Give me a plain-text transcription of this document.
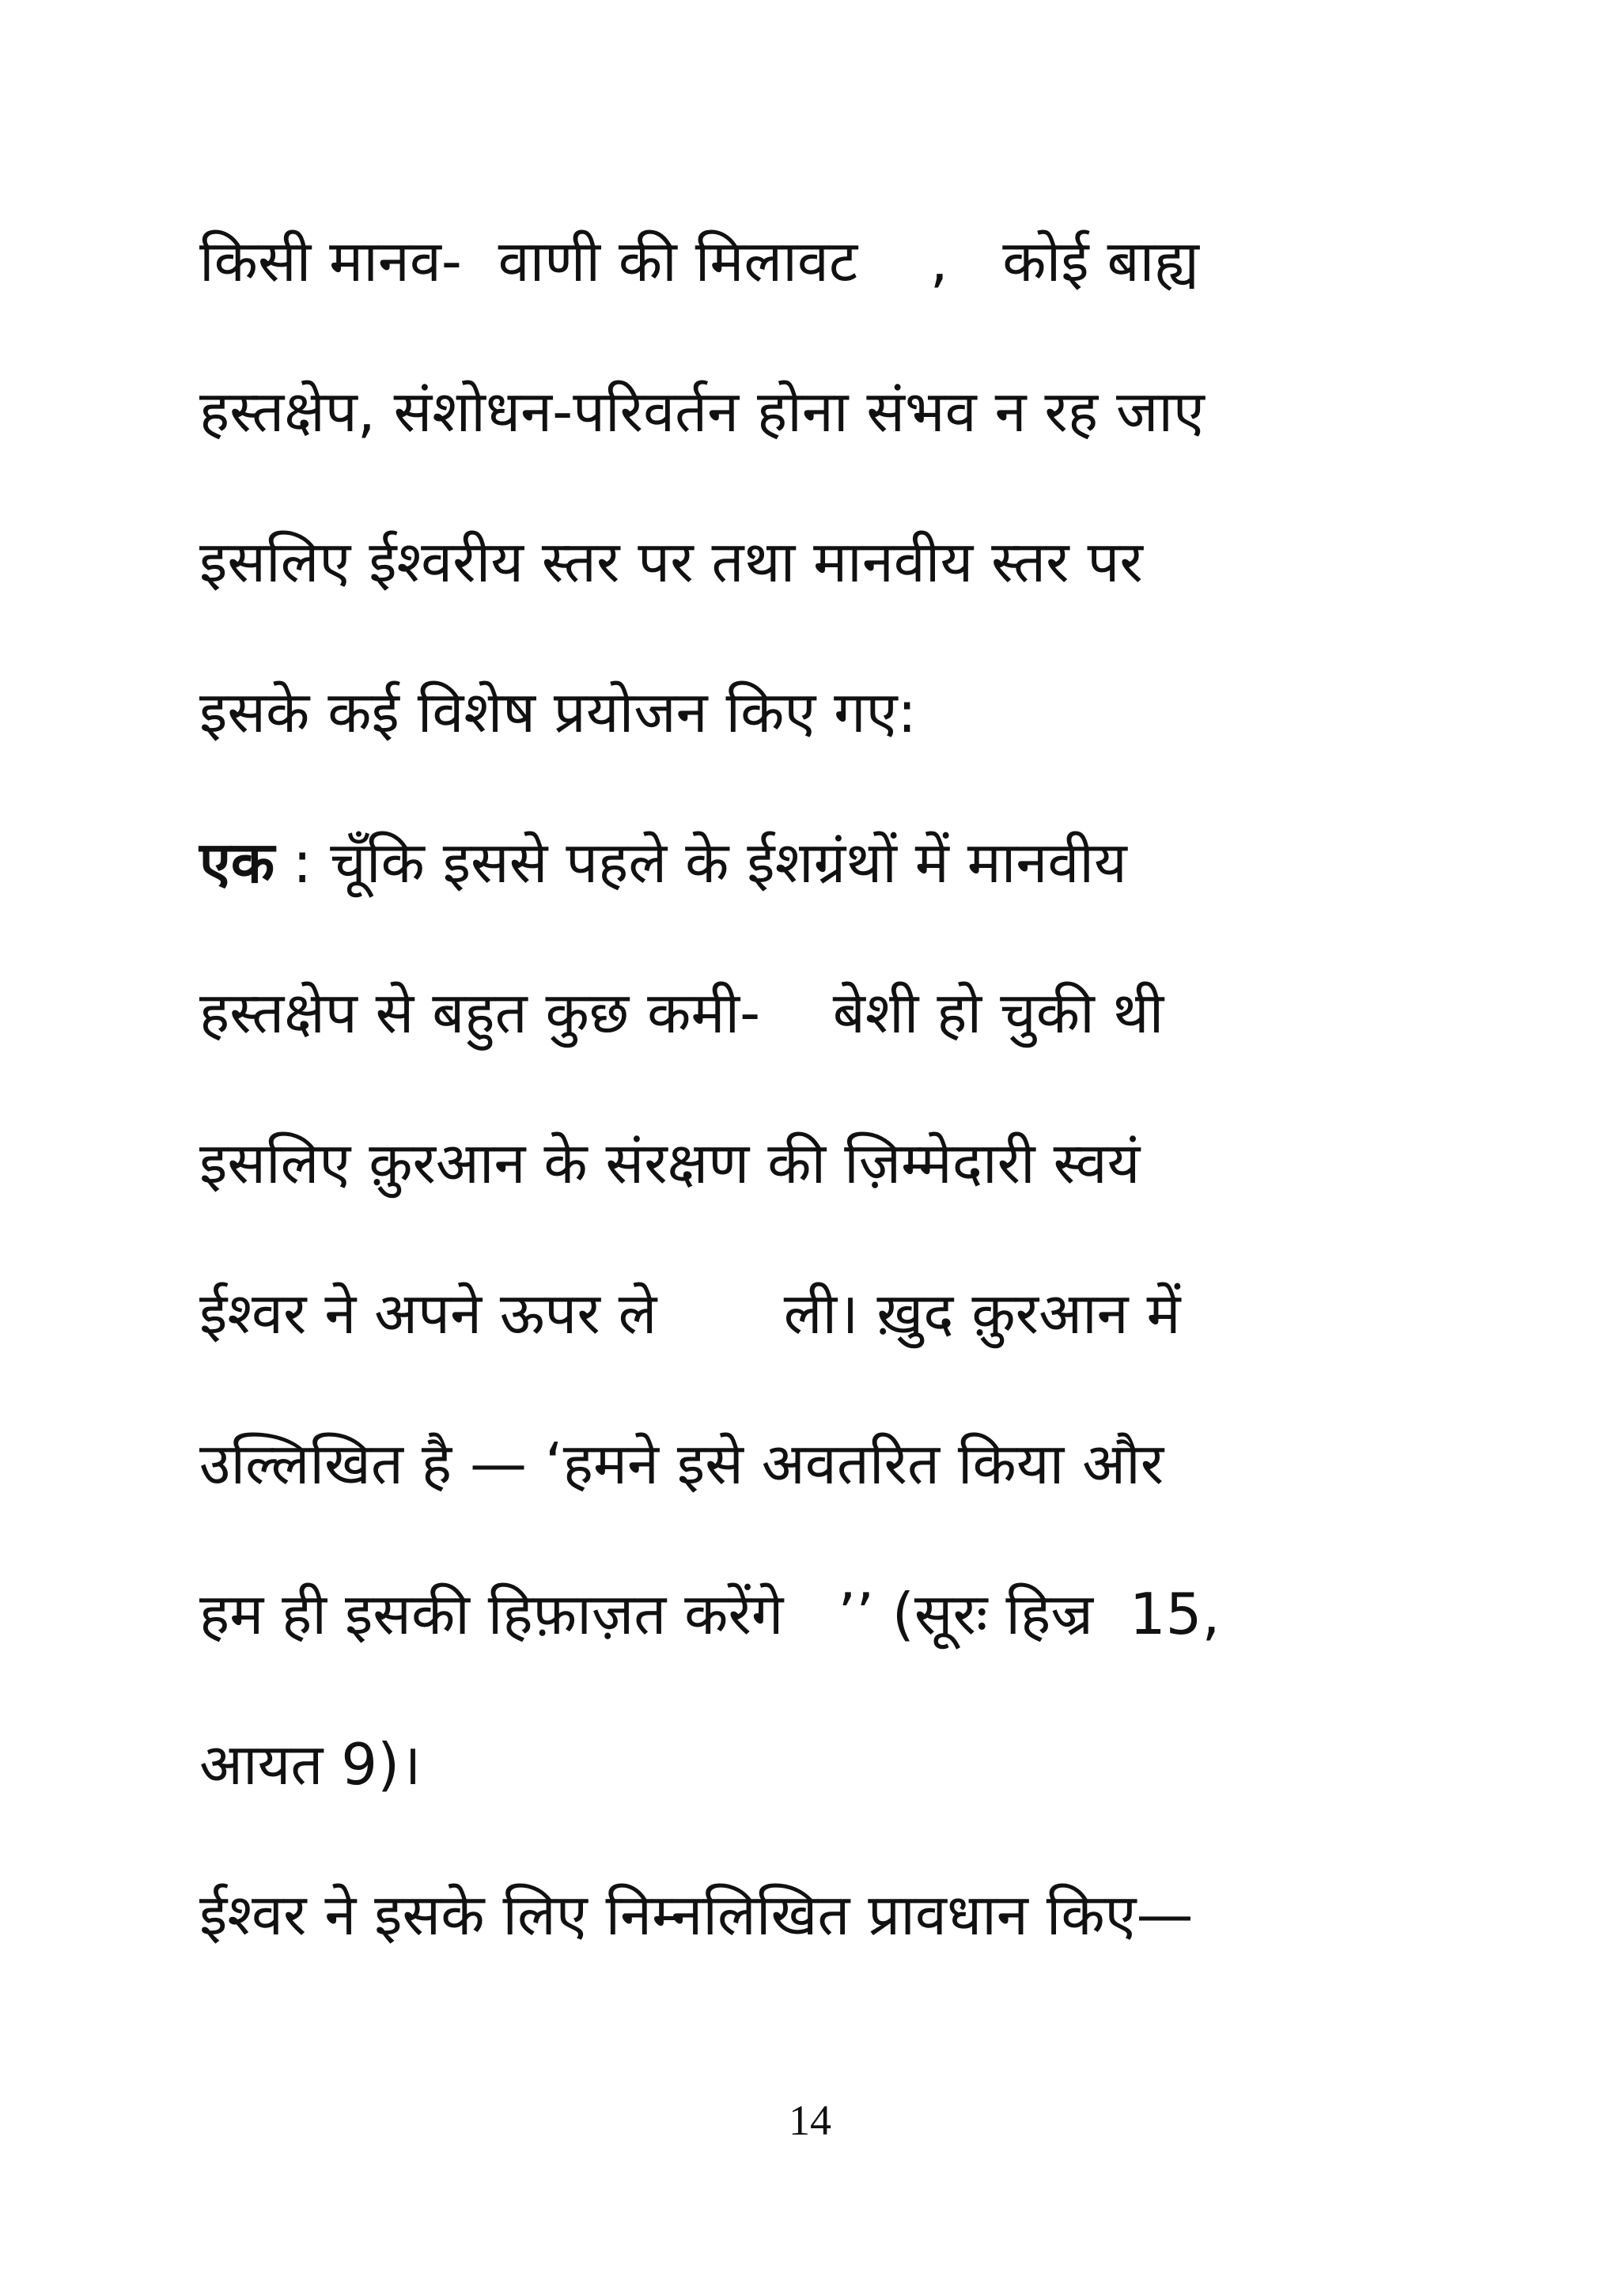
किसी मानव-  वाणी की मिलावट    ,   कोई बाह्य
हस्तक्षेप, संशोधन-परिवर्तन होना संभव न रह जाए
इसलिए ईश्वरीय स्तर पर तथा मानवीय स्तर पर
इसके कई विशेष प्रयोजन किए गए:
एक : चूँकि इससे पहले के ईशग्रंथों में मानवीय
हस्तक्षेप से बहुत कुछ कमी-    बेशी हो चुकी थी
इसलिए क़ुरआन के संरक्षण की ज़िम्मेदारी स्वयं
ईश्वर ने अपने ऊपर ले       ली। ख़ुद क़ुरआन में
उल्लिखित है — ‘हमने इसे अवतरित किया और
हम ही इसकी हिफ़ाज़त करेंगे   ’’ (सूरः हिज्र  15,
आयत 9)।
ईश्वर ने इसके लिए निम्नलिखित प्रावधान किए—
14
